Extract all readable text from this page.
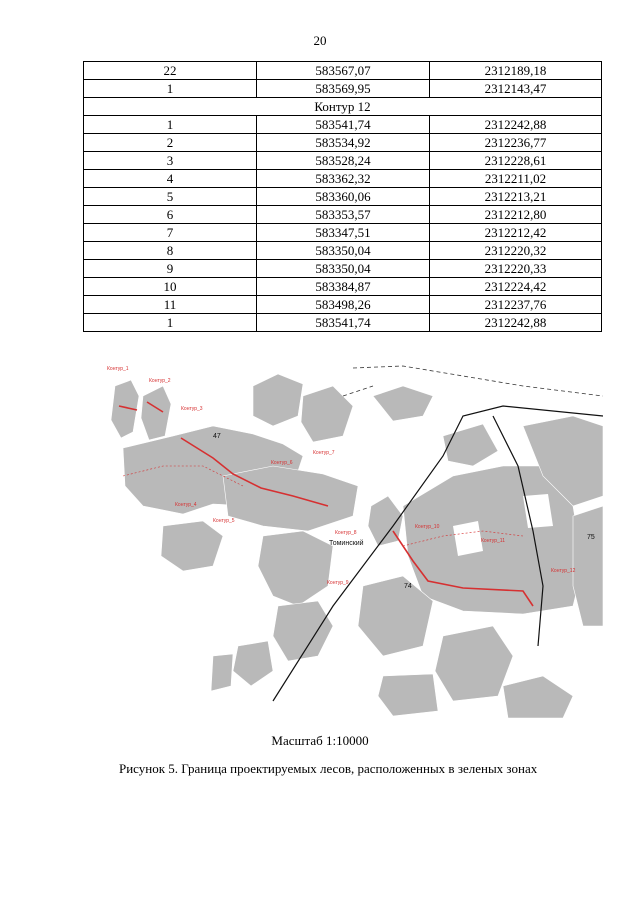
20
22	583567,07	2312189,18
1	583569,95	2312143,47
Контур 12		
1	583541,74	2312242,88
2	583534,92	2312236,77
3	583528,24	2312228,61
4	583362,32	2312211,02
5	583360,06	2312213,21
6	583353,57	2312212,80
7	583347,51	2312212,42
8	583350,04	2312220,32
9	583350,04	2312220,33
10	583384,87	2312224,42
11	583498,26	2312237,76
1	583541,74	2312242,88
Контур_1
Контур_2
Контур_3
Контур_4
Контур_5
Контур_6
Контур_7
Контур_8
Контур_9
Контур_10
Контур_11
Контур_12
Томинский
47
74
75
Масштаб 1:10000
Рисунок 5. Граница проектируемых лесов, расположенных в зеленых зонах
